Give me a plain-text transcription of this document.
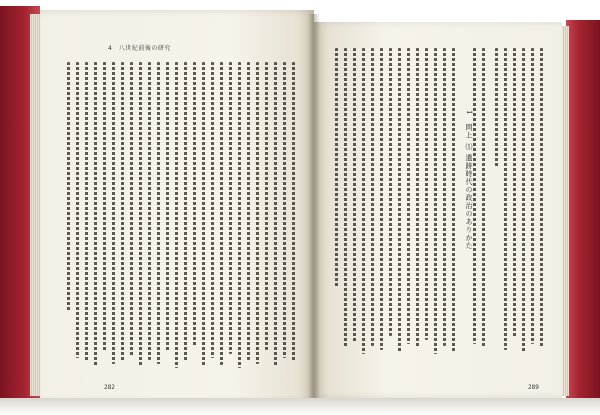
4　八世紀前後の研究
1　問上 ⑴ 遺跡時代の政治のありかた
282	289
